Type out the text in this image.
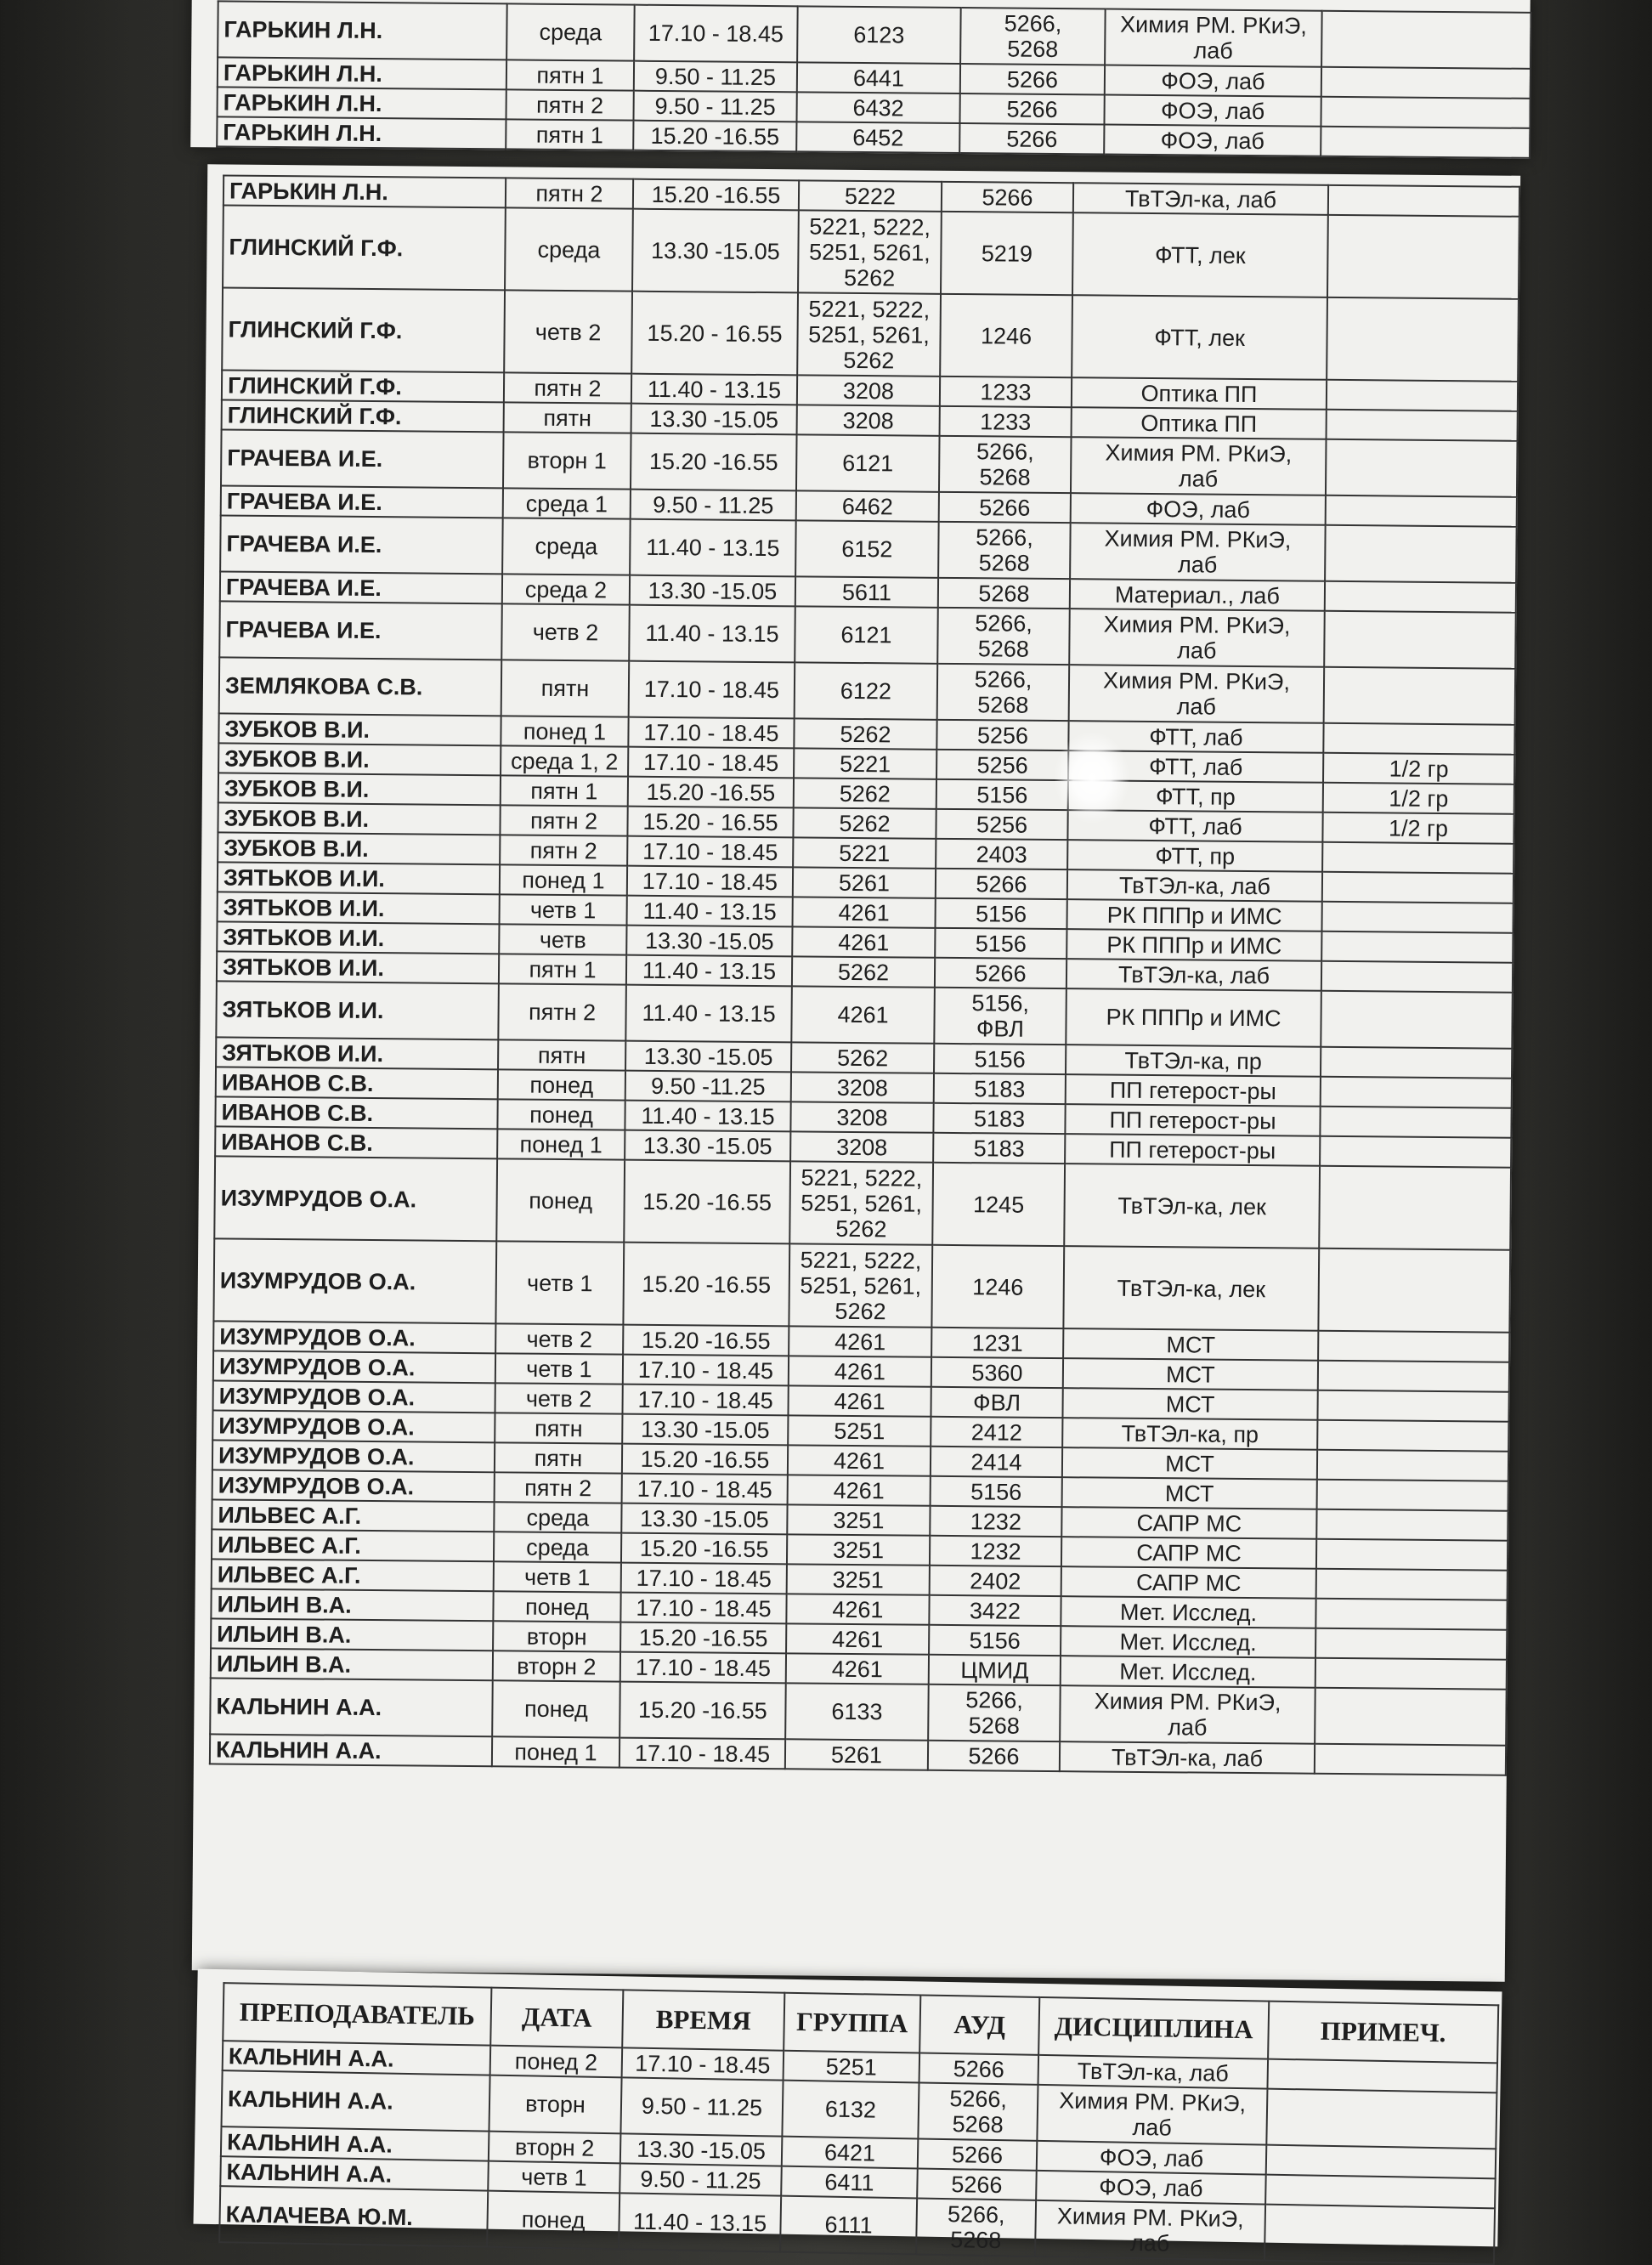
ГАРЬКИН Л.Н.	среда	17.10 - 18.45	6123	5266,
5268	Химия РМ. РКиЭ,
лаб	
ГАРЬКИН Л.Н.	пятн 1	9.50 - 11.25	6441	5266	ФОЭ, лаб	
ГАРЬКИН Л.Н.	пятн 2	9.50 - 11.25	6432	5266	ФОЭ, лаб	
ГАРЬКИН Л.Н.	пятн 1	15.20 -16.55	6452	5266	ФОЭ, лаб	
ГАРЬКИН Л.Н.	пятн 2	15.20 -16.55	5222	5266	ТвТЭл-ка, лаб	
ГЛИНСКИЙ Г.Ф.	среда	13.30 -15.05	5221, 5222,
5251, 5261,
5262	5219	ФТТ, лек	
ГЛИНСКИЙ Г.Ф.	четв 2	15.20 - 16.55	5221, 5222,
5251, 5261,
5262	1246	ФТТ, лек	
ГЛИНСКИЙ Г.Ф.	пятн 2	11.40 - 13.15	3208	1233	Оптика ПП	
ГЛИНСКИЙ Г.Ф.	пятн	13.30 -15.05	3208	1233	Оптика ПП	
ГРАЧЕВА И.Е.	вторн 1	15.20 -16.55	6121	5266,
5268	Химия РМ. РКиЭ,
лаб	
ГРАЧЕВА И.Е.	среда 1	9.50 - 11.25	6462	5266	ФОЭ, лаб	
ГРАЧЕВА И.Е.	среда	11.40 - 13.15	6152	5266,
5268	Химия РМ. РКиЭ,
лаб	
ГРАЧЕВА И.Е.	среда 2	13.30 -15.05	5611	5268	Материал., лаб	
ГРАЧЕВА И.Е.	четв 2	11.40 - 13.15	6121	5266,
5268	Химия РМ. РКиЭ,
лаб	
ЗЕМЛЯКОВА С.В.	пятн	17.10 - 18.45	6122	5266,
5268	Химия РМ. РКиЭ,
лаб	
ЗУБКОВ В.И.	понед 1	17.10 - 18.45	5262	5256	ФТТ, лаб	
ЗУБКОВ В.И.	среда 1, 2	17.10 - 18.45	5221	5256	ФТТ, лаб	1/2 гр
ЗУБКОВ В.И.	пятн 1	15.20 -16.55	5262	5156	ФТТ, пр	1/2 гр
ЗУБКОВ В.И.	пятн 2	15.20 - 16.55	5262	5256	ФТТ, лаб	1/2 гр
ЗУБКОВ В.И.	пятн 2	17.10 - 18.45	5221	2403	ФТТ, пр	
ЗЯТЬКОВ И.И.	понед 1	17.10 - 18.45	5261	5266	ТвТЭл-ка, лаб	
ЗЯТЬКОВ И.И.	четв 1	11.40 - 13.15	4261	5156	РК ПППр и ИМС	
ЗЯТЬКОВ И.И.	четв	13.30 -15.05	4261	5156	РК ПППр и ИМС	
ЗЯТЬКОВ И.И.	пятн 1	11.40 - 13.15	5262	5266	ТвТЭл-ка, лаб	
ЗЯТЬКОВ И.И.	пятн 2	11.40 - 13.15	4261	5156,
ФВЛ	РК ПППр и ИМС	
ЗЯТЬКОВ И.И.	пятн	13.30 -15.05	5262	5156	ТвТЭл-ка, пр	
ИВАНОВ С.В.	понед	9.50 -11.25	3208	5183	ПП гетерост-ры	
ИВАНОВ С.В.	понед	11.40 - 13.15	3208	5183	ПП гетерост-ры	
ИВАНОВ С.В.	понед 1	13.30 -15.05	3208	5183	ПП гетерост-ры	
ИЗУМРУДОВ О.А.	понед	15.20 -16.55	5221, 5222,
5251, 5261,
5262	1245	ТвТЭл-ка, лек	
ИЗУМРУДОВ О.А.	четв 1	15.20 -16.55	5221, 5222,
5251, 5261,
5262	1246	ТвТЭл-ка, лек	
ИЗУМРУДОВ О.А.	четв 2	15.20 -16.55	4261	1231	МСТ	
ИЗУМРУДОВ О.А.	четв 1	17.10 - 18.45	4261	5360	МСТ	
ИЗУМРУДОВ О.А.	четв 2	17.10 - 18.45	4261	ФВЛ	МСТ	
ИЗУМРУДОВ О.А.	пятн	13.30 -15.05	5251	2412	ТвТЭл-ка, пр	
ИЗУМРУДОВ О.А.	пятн	15.20 -16.55	4261	2414	МСТ	
ИЗУМРУДОВ О.А.	пятн 2	17.10 - 18.45	4261	5156	МСТ	
ИЛЬВЕС А.Г.	среда	13.30 -15.05	3251	1232	САПР МС	
ИЛЬВЕС А.Г.	среда	15.20 -16.55	3251	1232	САПР МС	
ИЛЬВЕС А.Г.	четв 1	17.10 - 18.45	3251	2402	САПР МС	
ИЛЬИН В.А.	понед	17.10 - 18.45	4261	3422	Мет. Исслед.	
ИЛЬИН В.А.	вторн	15.20 -16.55	4261	5156	Мет. Исслед.	
ИЛЬИН В.А.	вторн 2	17.10 - 18.45	4261	ЦМИД	Мет. Исслед.	
КАЛЬНИН А.А.	понед	15.20 -16.55	6133	5266,
5268	Химия РМ. РКиЭ,
лаб	
КАЛЬНИН А.А.	понед 1	17.10 - 18.45	5261	5266	ТвТЭл-ка, лаб	
ПРЕПОДАВАТЕЛЬ	ДАТА	ВРЕМЯ	ГРУППА	АУД	ДИСЦИПЛИНА	ПРИМЕЧ.
КАЛЬНИН А.А.	понед 2	17.10 - 18.45	5251	5266	ТвТЭл-ка, лаб	
КАЛЬНИН А.А.	вторн	9.50 - 11.25	6132	5266,
5268	Химия РМ. РКиЭ,
лаб	
КАЛЬНИН А.А.	вторн 2	13.30 -15.05	6421	5266	ФОЭ, лаб	
КАЛЬНИН А.А.	четв 1	9.50 - 11.25	6411	5266	ФОЭ, лаб	
КАЛАЧЕВА Ю.М.	понед	11.40 - 13.15	6111	5266,
5268	Химия РМ. РКиЭ,
лаб	
